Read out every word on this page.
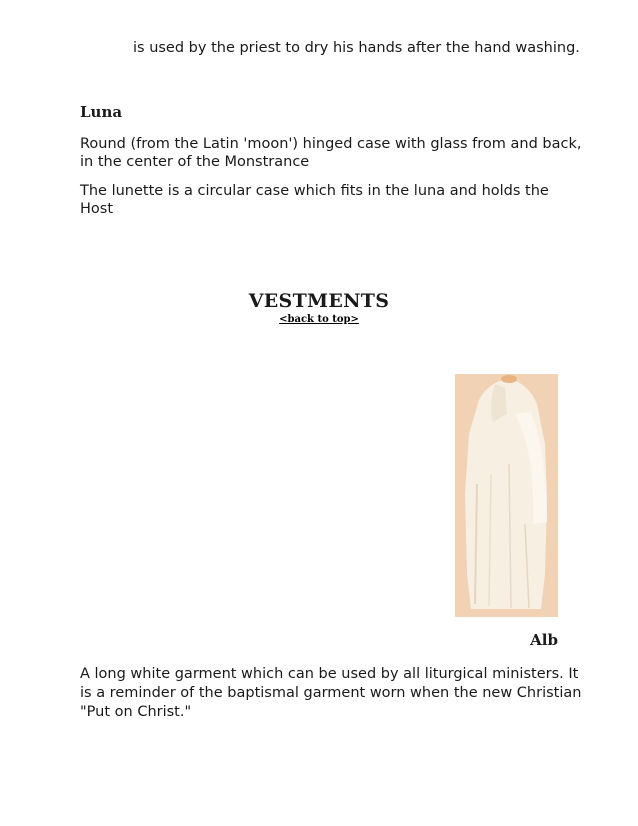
is used by the priest to dry his hands after the hand washing.
Luna
Round (from the Latin 'moon') hinged case with glass from and back,
in the center of the Monstrance
The lunette is a circular case which fits in the luna and holds the
Host
VESTMENTS
<back to top>
Alb
A long white garment which can be used by all liturgical ministers. It
is a reminder of the baptismal garment worn when the new Christian
"Put on Christ."
